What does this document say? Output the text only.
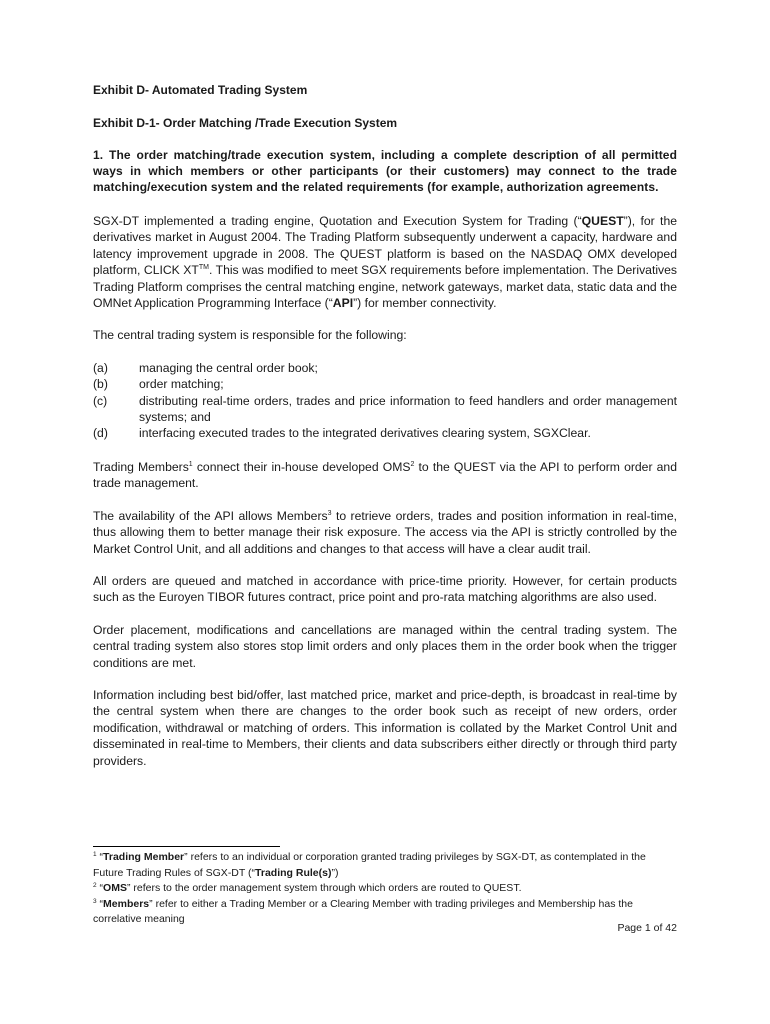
Exhibit D- Automated Trading System

Exhibit D-1- Order Matching /Trade Execution System

1. The order matching/trade execution system, including a complete description of all permitted ways in which members or other participants (or their customers) may connect to the trade matching/execution system and the related requirements (for example, authorization agreements.

SGX-DT implemented a trading engine, Quotation and Execution System for Trading (“QUEST”), for the derivatives market in August 2004. The Trading Platform subsequently underwent a capacity, hardware and latency improvement upgrade in 2008. The QUEST platform is based on the NASDAQ OMX developed platform, CLICK XT™. This was modified to meet SGX requirements before implementation. The Derivatives Trading Platform comprises the central matching engine, network gateways, market data, static data and the OMNet Application Programming Interface (“API”) for member connectivity.

The central trading system is responsible for the following:

(a)	managing the central order book;
(b)	order matching;
(c)	distributing real-time orders, trades and price information to feed handlers and order management systems; and
(d)	interfacing executed trades to the integrated derivatives clearing system, SGXClear.

Trading Members$^1$ connect their in-house developed OMS$^2$ to the QUEST via the API to perform order and trade management.

The availability of the API allows Members$^3$ to retrieve orders, trades and position information in real-time, thus allowing them to better manage their risk exposure. The access via the API is strictly controlled by the Market Control Unit, and all additions and changes to that access will have a clear audit trail.

All orders are queued and matched in accordance with price-time priority. However, for certain products such as the Euroyen TIBOR futures contract, price point and pro-rata matching algorithms are also used.

Order placement, modifications and cancellations are managed within the central trading system. The central trading system also stores stop limit orders and only places them in the order book when the trigger conditions are met.

Information including best bid/offer, last matched price, market and price-depth, is broadcast in real-time by the central system when there are changes to the order book such as receipt of new orders, order modification, withdrawal or matching of orders. This information is collated by the Market Control Unit and disseminated in real-time to Members, their clients and data subscribers either directly or through third party providers.

$^1$ “Trading Member” refers to an individual or corporation granted trading privileges by SGX-DT, as contemplated in the Future Trading Rules of SGX-DT (“Trading Rule(s)”)
$^2$ “OMS” refers to the order management system through which orders are routed to QUEST.
$^3$ “Members” refer to either a Trading Member or a Clearing Member with trading privileges and Membership has the correlative meaning
Page 1 of 42
